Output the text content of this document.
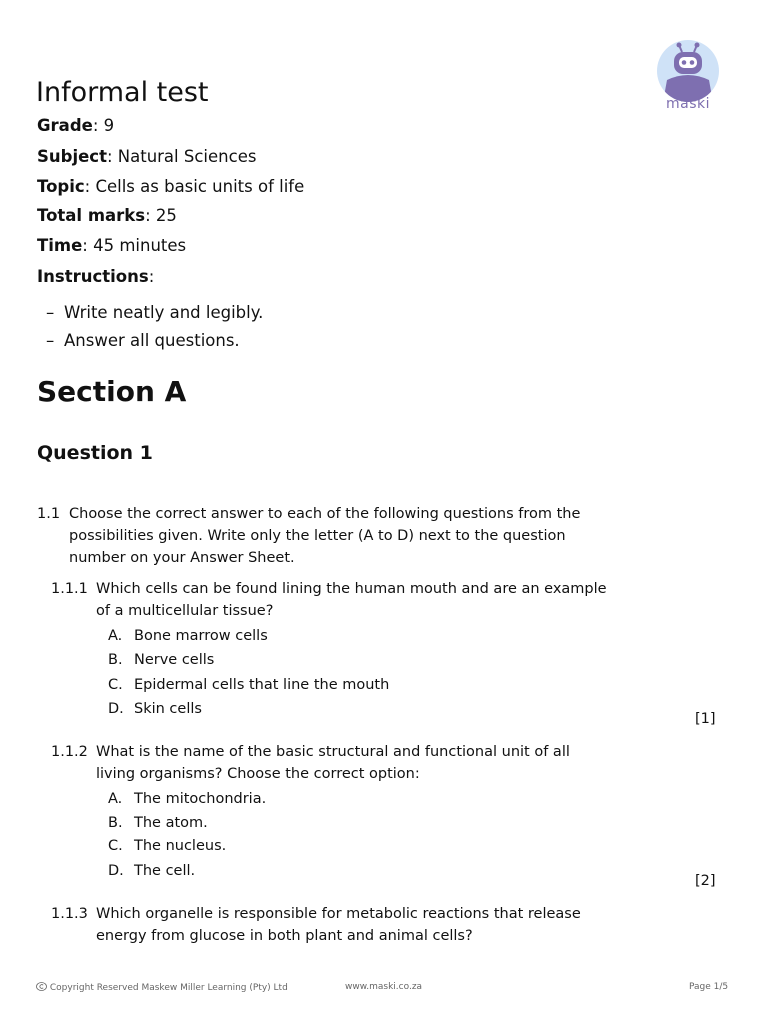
maski
Informal test
Grade: 9
Subject: Natural Sciences
Topic: Cells as basic units of life
Total marks: 25
Time: 45 minutes
Instructions:
– Write neatly and legibly.
– Answer all questions.
Section A
Question 1
1.1 Choose the correct answer to each of the following questions from the
possibilities given. Write only the letter (A to D) next to the question
number on your Answer Sheet.
1.1.1 Which cells can be found lining the human mouth and are an example
of a multicellular tissue?
A. Bone marrow cells
B. Nerve cells
C. Epidermal cells that line the mouth
D. Skin cells
[1]
1.1.2 What is the name of the basic structural and functional unit of all
living organisms? Choose the correct option:
A. The mitochondria.
B. The atom.
C. The nucleus.
D. The cell.
[2]
1.1.3 Which organelle is responsible for metabolic reactions that release
energy from glucose in both plant and animal cells?
Copyright Reserved Maskew Miller Learning (Pty) Ltd	www.maski.co.za	Page 1/5
